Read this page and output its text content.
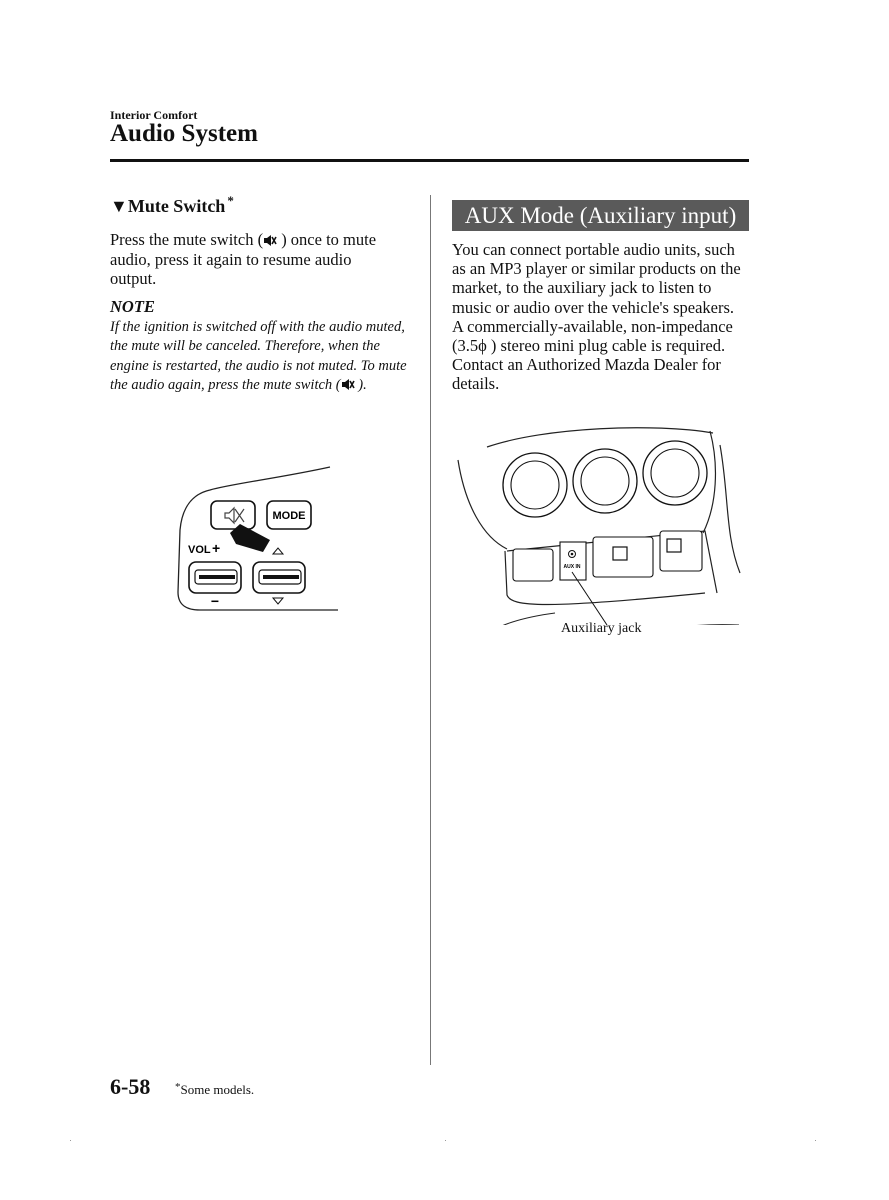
Interior Comfort
Audio System
▼Mute Switch *
Press the mute switch ( ) once to mute audio, press it again to resume audio output.
NOTE
If the ignition is switched off with the audio muted, the mute will be canceled. Therefore, when the engine is restarted, the audio is not muted. To mute the audio again, press the mute switch ( ).
MODE
VOL +
−
AUX Mode (Auxiliary input)
You can connect portable audio units, such as an MP3 player or similar products on the market, to the auxiliary jack to listen to music or audio over the vehicle's speakers.
A commercially-available, non-impedance (3.5ϕ ) stereo mini plug cable is required. Contact an Authorized Mazda Dealer for details.
AUX IN
Auxiliary jack
6-58 *Some models.
